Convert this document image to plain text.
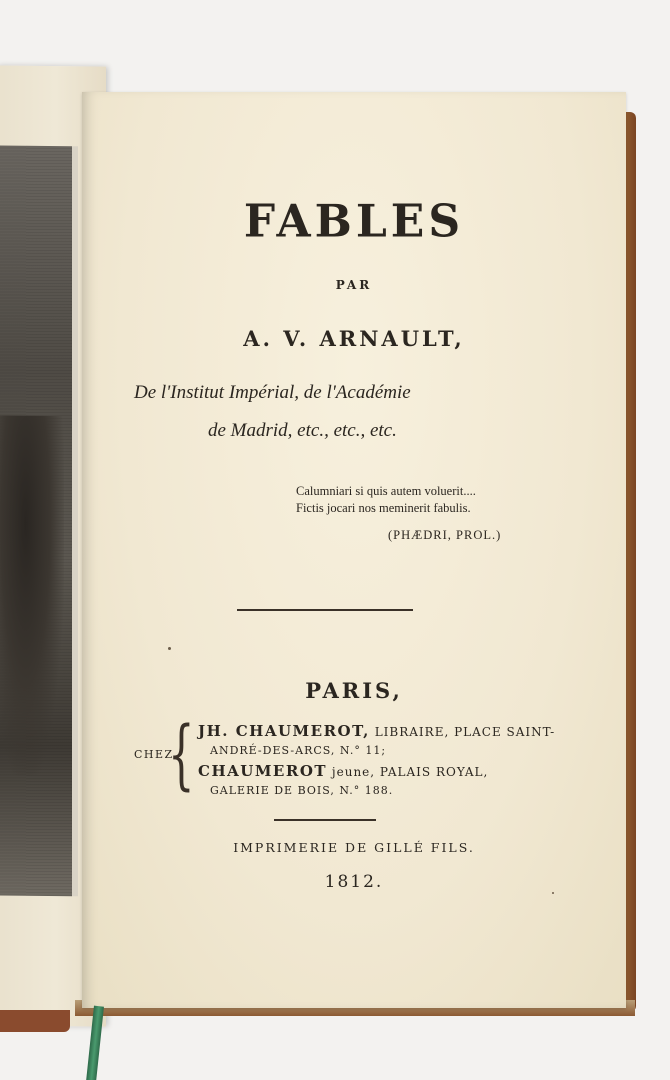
FABLES
PAR
A. V. ARNAULT,
De l'Institut Impérial, de l'Académie
de Madrid, etc., etc., etc.
Calumniari si quis autem voluerit....
Fictis jocari nos meminerit fabulis.
(PHÆDRI, PROL.)
PARIS,
CHEZ
{ JH. CHAUMEROT, LIBRAIRE, PLACE SAINT-
ANDRÉ-DES-ARCS, N.° 11;
CHAUMEROT jeune, PALAIS ROYAL,
GALERIE DE BOIS, N.° 188.
IMPRIMERIE DE GILLÉ FILS.
1812.
